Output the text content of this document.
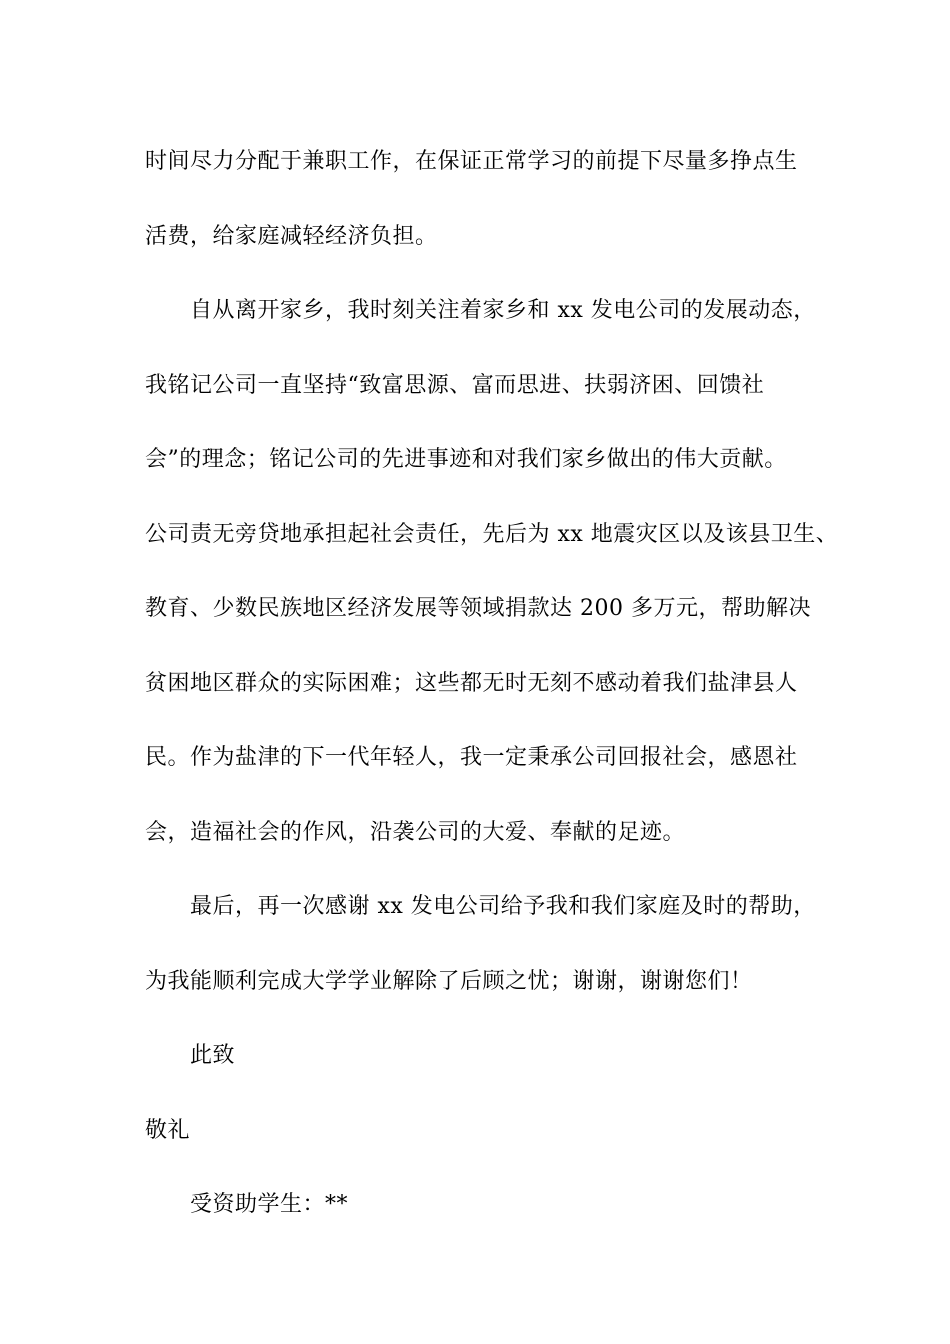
时间尽力分配于兼职工作，在保证正常学习的前提下尽量多挣点生
活费，给家庭减轻经济负担。
自从离开家乡，我时刻关注着家乡和 xx 发电公司的发展动态，
我铭记公司一直坚持“致富思源、富而思进、扶弱济困、回馈社
会”的理念；铭记公司的先进事迹和对我们家乡做出的伟大贡献。
公司责无旁贷地承担起社会责任，先后为 xx 地震灾区以及该县卫生、
教育、少数民族地区经济发展等领域捐款达 200 多万元，帮助解决
贫困地区群众的实际困难；这些都无时无刻不感动着我们盐津县人
民。作为盐津的下一代年轻人，我一定秉承公司回报社会，感恩社
会，造福社会的作风，沿袭公司的大爱、奉献的足迹。
最后，再一次感谢 xx 发电公司给予我和我们家庭及时的帮助，
为我能顺利完成大学学业解除了后顾之忧；谢谢，谢谢您们！
此致
敬礼
受资助学生：**
